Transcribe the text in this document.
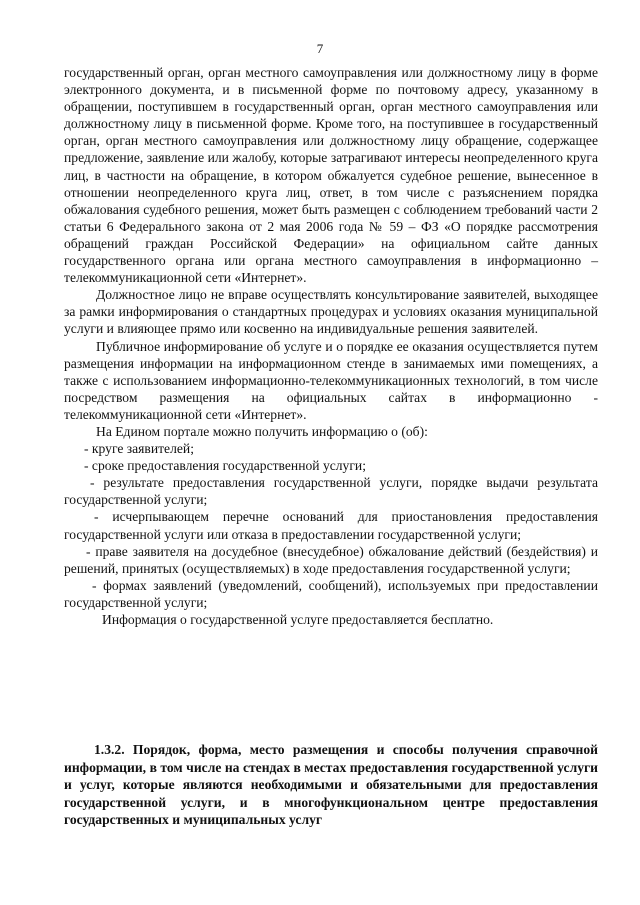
7

государственный орган, орган местного самоуправления или должностному лицу в форме электронного документа, и в письменной форме по почтовому адресу, указанному в обращении, поступившем в государственный орган, орган местного самоуправления или должностному лицу в письменной форме. Кроме того, на поступившее в государственный орган, орган местного самоуправления или должностному лицу обращение, содержащее предложение, заявление или жалобу, которые затрагивают интересы неопределенного круга лиц, в частности на обращение, в котором обжалуется судебное решение, вынесенное в отношении неопределенного круга лиц, ответ, в том числе с разъяснением порядка обжалования судебного решения, может быть размещен с соблюдением требований части 2 статьи 6 Федерального закона от 2 мая 2006 года № 59 – ФЗ «О порядке рассмотрения обращений граждан Российской Федерации» на официальном сайте данных государственного органа или органа местного самоуправления в информационно – телекоммуникационной сети «Интернет».

Должностное лицо не вправе осуществлять консультирование заявителей, выходящее за рамки информирования о стандартных процедурах и условиях оказания муниципальной услуги и влияющее прямо или косвенно на индивидуальные решения заявителей.

Публичное информирование об услуге и о порядке ее оказания осуществляется путем размещения информации на информационном стенде в занимаемых ими помещениях, а также с использованием информационно-телекоммуникационных технологий, в том числе посредством размещения на официальных сайтах в информационно - телекоммуникационной сети «Интернет».

На Едином портале можно получить информацию о (об):

- круге заявителей;

- сроке предоставления государственной услуги;

- результате предоставления государственной услуги, порядке выдачи результата государственной услуги;

- исчерпывающем перечне оснований для приостановления предоставления государственной услуги или отказа в предоставлении государственной услуги;

- праве заявителя на досудебное (внесудебное) обжалование действий (бездействия) и решений, принятых (осуществляемых) в ходе предоставления государственной услуги;

- формах заявлений (уведомлений, сообщений), используемых при предоставлении государственной услуги;

Информация о государственной услуге предоставляется бесплатно.

1.3.2. Порядок, форма, место размещения и способы получения справочной информации, в том числе на стендах в местах предоставления государственной услуги и услуг, которые являются необходимыми и обязательными для предоставления государственной услуги, и в многофункциональном центре предоставления государственных и муниципальных услуг
